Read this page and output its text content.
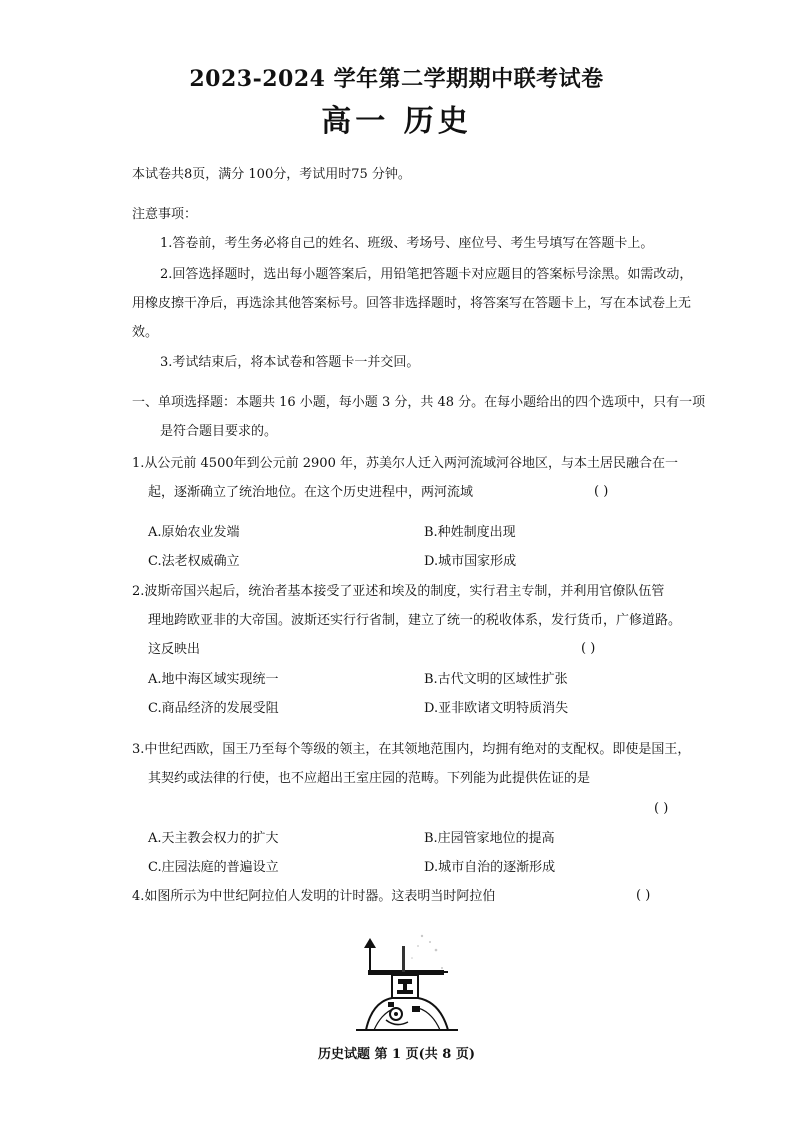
2023-2024 学年第二学期期中联考试卷
高一 历史
本试卷共8页，满分 100分，考试用时75 分钟。
注意事项：
1.答卷前，考生务必将自己的姓名、班级、考场号、座位号、考生号填写在答题卡上。
2.回答选择题时，选出每小题答案后，用铅笔把答题卡对应题目的答案标号涂黑。如需改动，
用橡皮擦干净后，再选涂其他答案标号。回答非选择题时，将答案写在答题卡上，写在本试卷上无
效。
3.考试结束后，将本试卷和答题卡一并交回。
一、单项选择题：本题共 16 小题，每小题 3 分，共 48 分。在每小题给出的四个选项中，只有一项
是符合题目要求的。
1.从公元前 4500年到公元前 2900 年，苏美尔人迁入两河流域河谷地区，与本土居民融合在一
起，逐渐确立了统治地位。在这个历史进程中，两河流域	( )
A.原始农业发端	B.种姓制度出现
C.法老权威确立	D.城市国家形成
2.波斯帝国兴起后，统治者基本接受了亚述和埃及的制度，实行君主专制，并利用官僚队伍管
理地跨欧亚非的大帝国。波斯还实行行省制，建立了统一的税收体系，发行货币，广修道路。
这反映出	( )
A.地中海区域实现统一	B.古代文明的区域性扩张
C.商品经济的发展受阻	D.亚非欧诸文明特质消失
3.中世纪西欧，国王乃至每个等级的领主，在其领地范围内，均拥有绝对的支配权。即使是国王，
其契约或法律的行使，也不应超出王室庄园的范畴。下列能为此提供佐证的是
( )
A.天主教会权力的扩大	B.庄园管家地位的提高
C.庄园法庭的普遍设立	D.城市自治的逐渐形成
4.如图所示为中世纪阿拉伯人发明的计时器。这表明当时阿拉伯	( )
历史试题 第 1 页(共 8 页)
